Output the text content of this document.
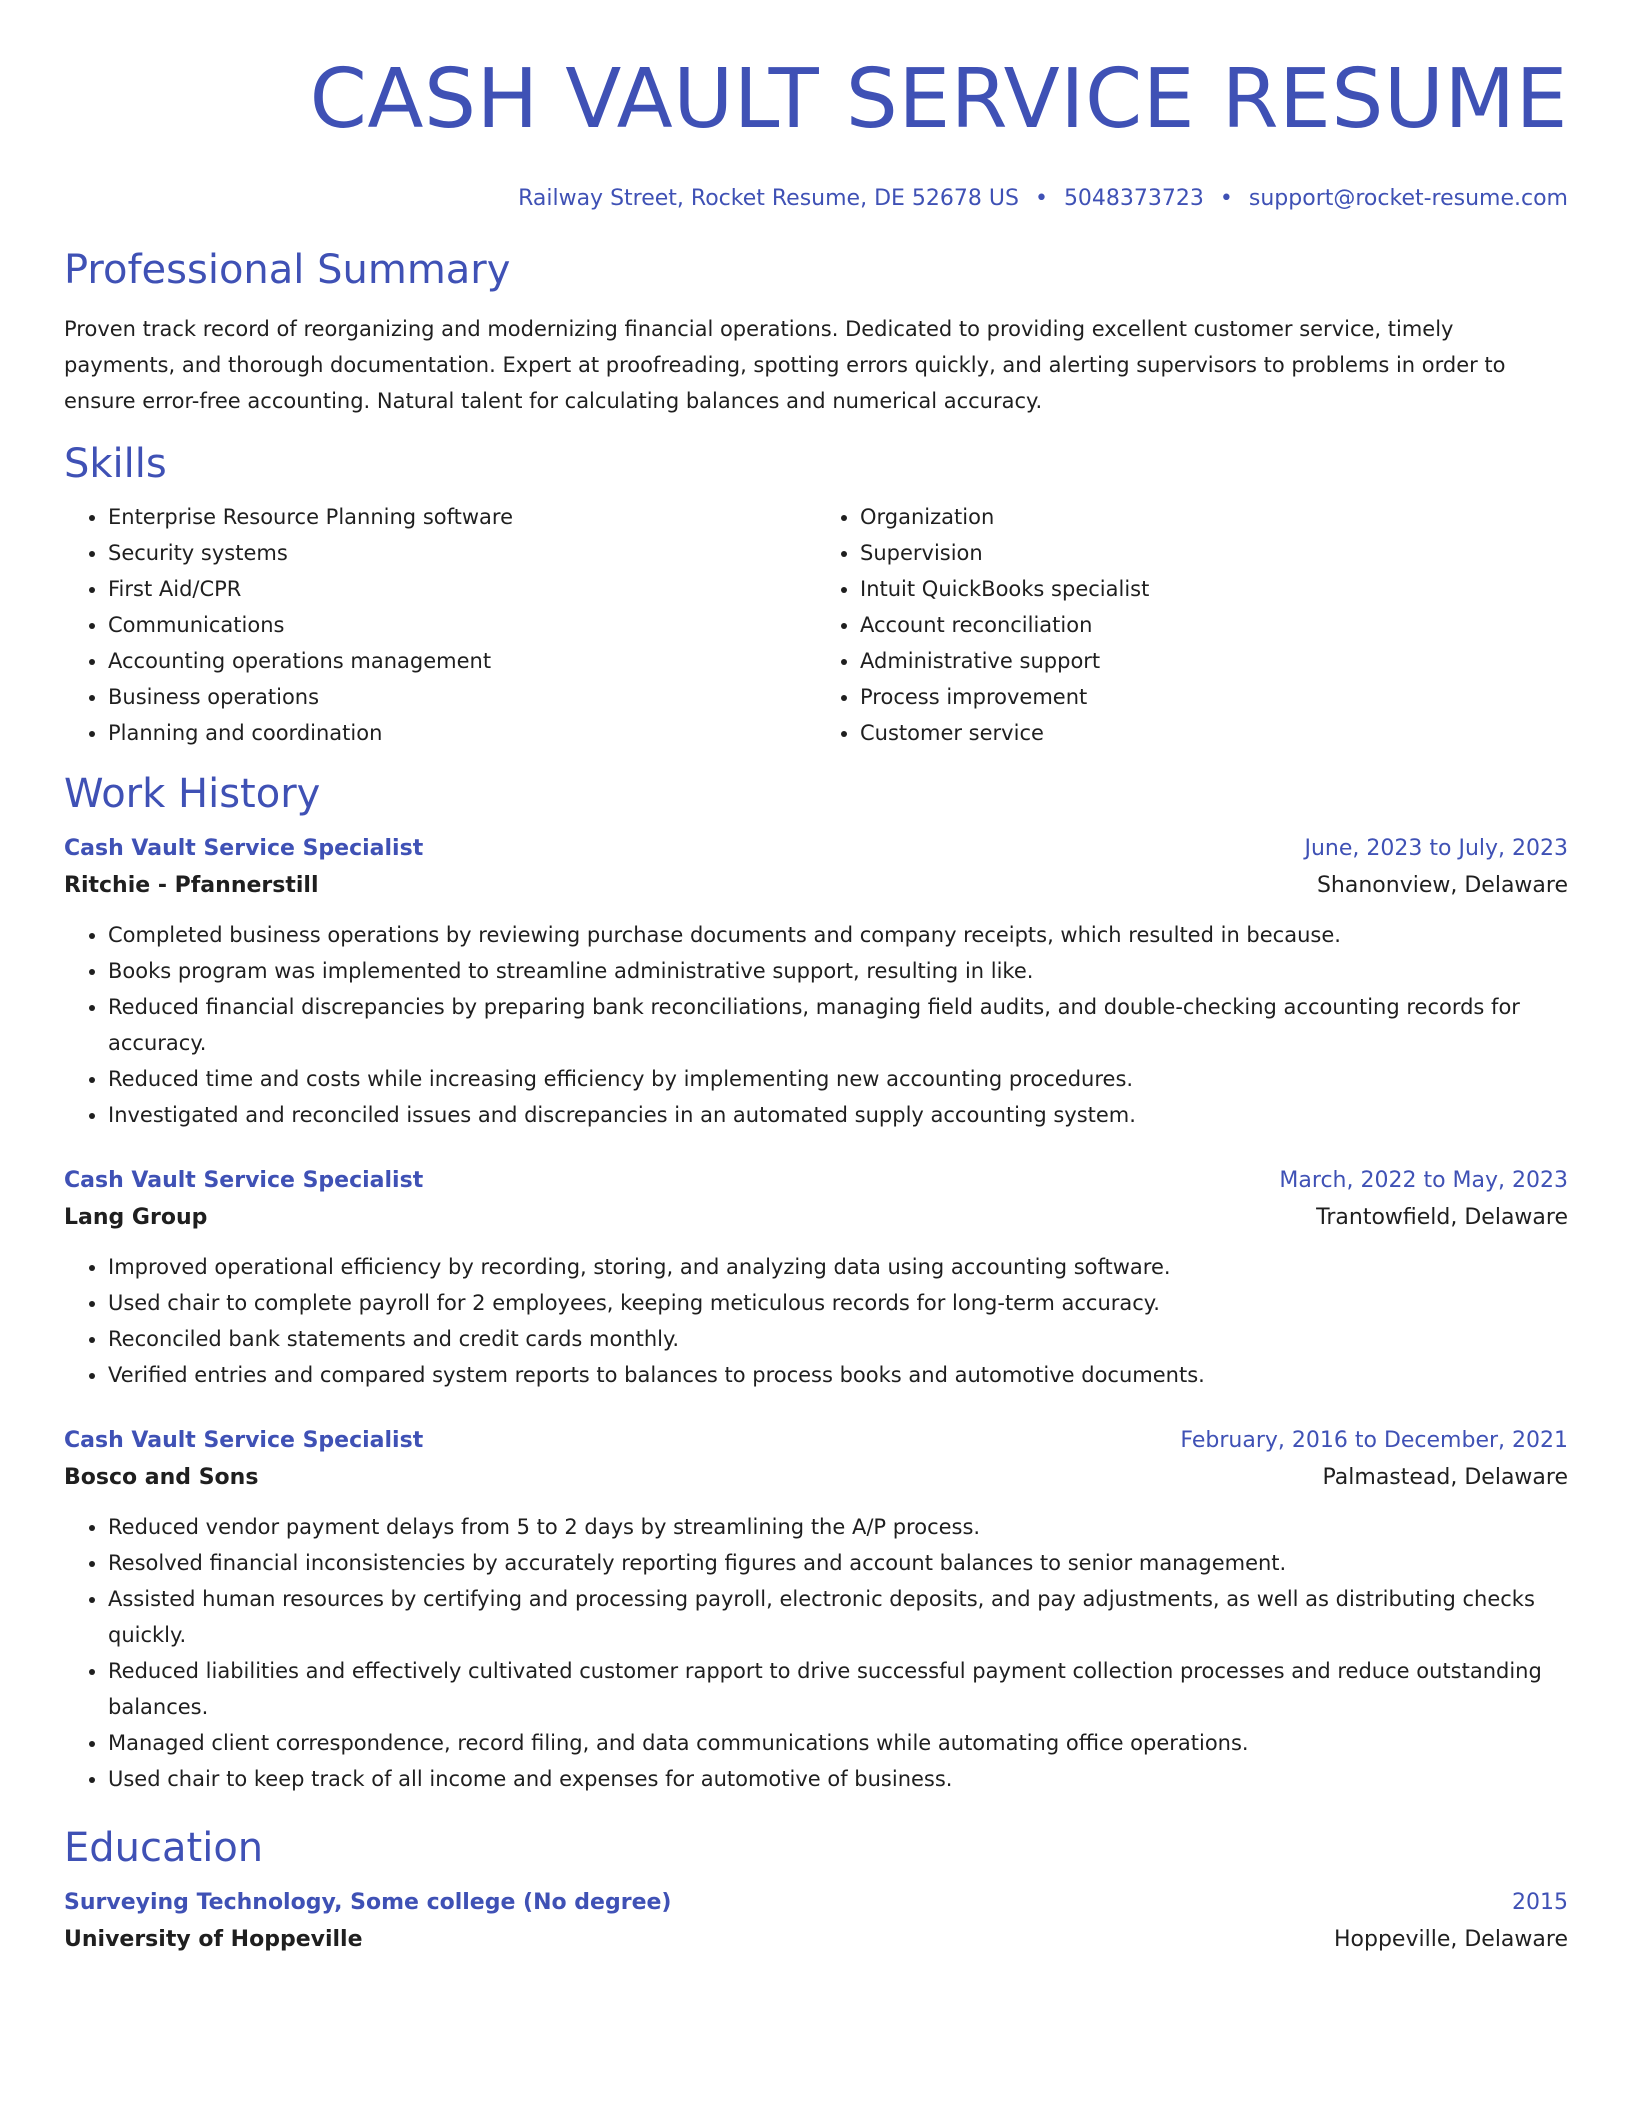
CASH VAULT SERVICE RESUME
Railway Street, Rocket Resume, DE 52678 US • 5048373723 • support@rocket-resume.com
Professional Summary

Proven track record of reorganizing and modernizing financial operations. Dedicated to providing excellent customer service, timely payments, and thorough documentation. Expert at proofreading, spotting errors quickly, and alerting supervisors to problems in order to ensure error-free accounting. Natural talent for calculating balances and numerical accuracy.

Skills
• Enterprise Resource Planning software
• Security systems
• First Aid/CPR
• Communications
• Accounting operations management
• Business operations
• Planning and coordination
• Organization
• Supervision
• Intuit QuickBooks specialist
• Account reconciliation
• Administrative support
• Process improvement
• Customer service
Work History
Cash Vault Service Specialist	June, 2023 to July, 2023
Ritchie - Pfannerstill	Shanonview, Delaware
• Completed business operations by reviewing purchase documents and company receipts, which resulted in because.
• Books program was implemented to streamline administrative support, resulting in like.
• Reduced financial discrepancies by preparing bank reconciliations, managing field audits, and double-checking accounting records for accuracy.
• Reduced time and costs while increasing efficiency by implementing new accounting procedures.
• Investigated and reconciled issues and discrepancies in an automated supply accounting system.
Cash Vault Service Specialist	March, 2022 to May, 2023
Lang Group	Trantowfield, Delaware
• Improved operational efficiency by recording, storing, and analyzing data using accounting software.
• Used chair to complete payroll for 2 employees, keeping meticulous records for long-term accuracy.
• Reconciled bank statements and credit cards monthly.
• Verified entries and compared system reports to balances to process books and automotive documents.
Cash Vault Service Specialist	February, 2016 to December, 2021
Bosco and Sons	Palmastead, Delaware
• Reduced vendor payment delays from 5 to 2 days by streamlining the A/P process.
• Resolved financial inconsistencies by accurately reporting figures and account balances to senior management.
• Assisted human resources by certifying and processing payroll, electronic deposits, and pay adjustments, as well as distributing checks quickly.
• Reduced liabilities and effectively cultivated customer rapport to drive successful payment collection processes and reduce outstanding balances.
• Managed client correspondence, record filing, and data communications while automating office operations.
• Used chair to keep track of all income and expenses for automotive of business.
Education
Surveying Technology, Some college (No degree)	2015
University of Hoppeville	Hoppeville, Delaware
